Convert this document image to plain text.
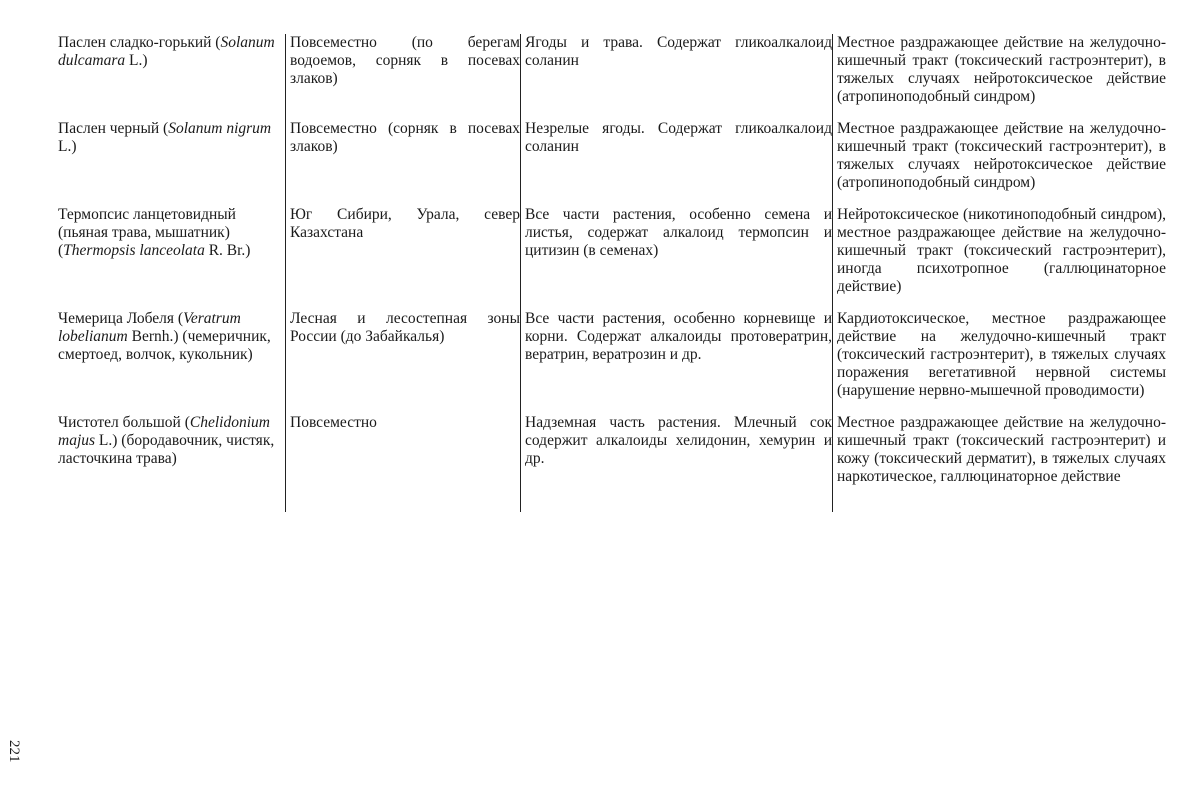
Паслен сладко-горький (Solanum dulcamara L.)
Повсеместно (по берегам водоемов, сорняк в посевах злаков)
Ягоды и трава. Содержат гликоалкалоид соланин
Местное раздражающее действие на желудочно-кишечный тракт (токсический гастроэнтерит), в тяжелых случаях нейротоксическое действие (атропиноподобный синдром)
Паслен черный (Solanum nigrum L.)
Повсеместно (сорняк в посевах злаков)
Незрелые ягоды. Содержат гликоалкалоид соланин
Местное раздражающее действие на желудочно-кишечный тракт (токсический гастроэнтерит), в тяжелых случаях нейротоксическое действие (атропиноподобный синдром)
Термопсис ланцетовидный (пьяная трава, мышатник) (Thermopsis lanceolata R. Br.)
Юг Сибири, Урала, север Казахстана
Все части растения, особенно семена и листья, содержат алкалоид термопсин и цитизин (в семенах)
Нейротоксическое (никотиноподобный синдром), местное раздражающее действие на желудочно-кишечный тракт (токсический гастроэнтерит), иногда психотропное (галлюцинаторное действие)
Чемерица Лобеля (Veratrum lobelianum Bernh.) (чемеричник, смертоед, волчок, кукольник)
Лесная и лесостепная зоны России (до Забайкалья)
Все части растения, особенно корневище и корни. Содержат алкалоиды протовератрин, вератрин, вератрозин и др.
Кардиотоксическое, местное раздражающее действие на желудочно-кишечный тракт (токсический гастроэнтерит), в тяжелых случаях поражения вегетативной нервной системы (нарушение нервно-мышечной проводимости)
Чистотел большой (Chelidonium majus L.) (бородавочник, чистяк, ласточкина трава)
Повсеместно	Надземная часть растения. Млечный сок содержит алкалоиды хелидонин, хемурин и др.
Местное раздражающее действие на желудочно-кишечный тракт (токсический гастроэнтерит) и кожу (токсический дерматит), в тяжелых случаях наркотическое, галлюцинаторное действие
221
